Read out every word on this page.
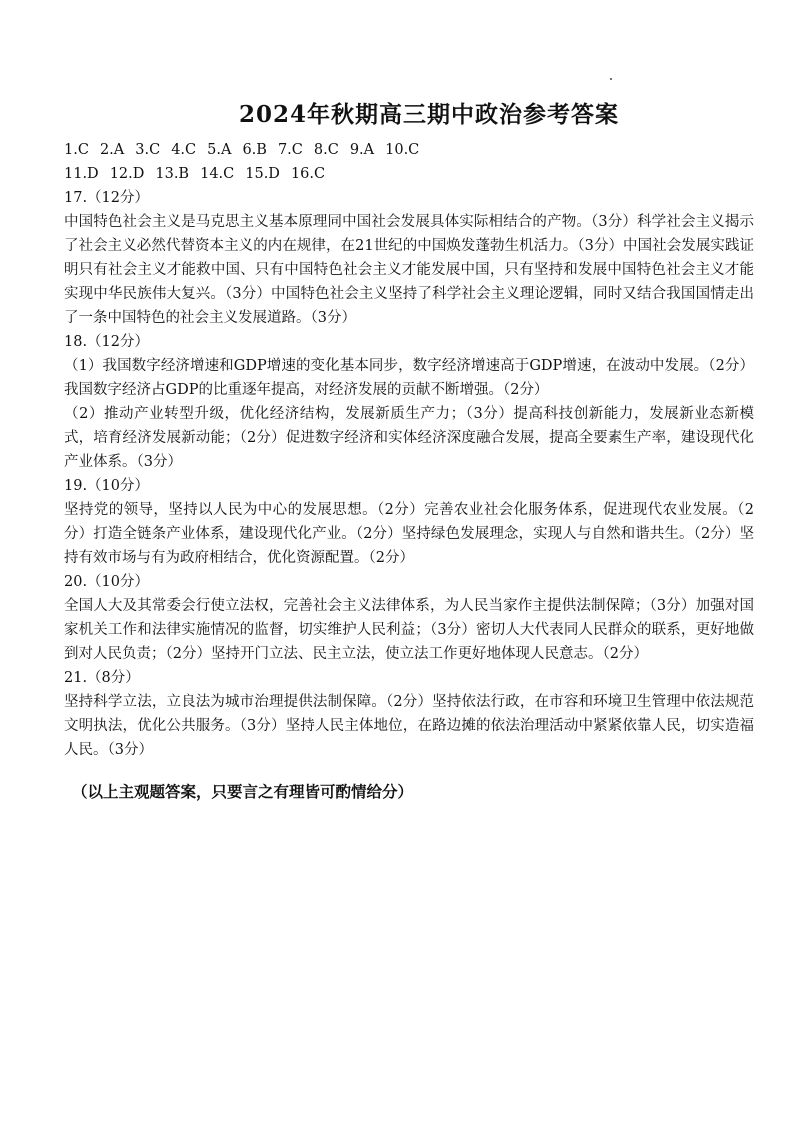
2024年秋期高三期中政治参考答案
1.C 2.A 3.C 4.C 5.A 6.B 7.C 8.C 9.A 10.C
11.D 12.D 13.B 14.C 15.D 16.C
17.（12分）

中国特色社会主义是马克思主义基本原理同中国社会发展具体实际相结合的产物。（3分）科学社会主义揭示了社会主义必然代替资本主义的内在规律，在21世纪的中国焕发蓬勃生机活力。（3分）中国社会发展实践证明只有社会主义才能救中国、只有中国特色社会主义才能发展中国，只有坚持和发展中国特色社会主义才能实现中华民族伟大复兴。（3分）中国特色社会主义坚持了科学社会主义理论逻辑，同时又结合我国国情走出了一条中国特色的社会主义发展道路。（3分）

18.（12分）

（1）我国数字经济增速和GDP增速的变化基本同步，数字经济增速高于GDP增速，在波动中发展。（2分）我国数字经济占GDP的比重逐年提高，对经济发展的贡献不断增强。（2分）

（2）推动产业转型升级，优化经济结构，发展新质生产力；（3分）提高科技创新能力，发展新业态新模式，培育经济发展新动能；（2分）促进数字经济和实体经济深度融合发展，提高全要素生产率，建设现代化产业体系。（3分）

19.（10分）

坚持党的领导，坚持以人民为中心的发展思想。（2分）完善农业社会化服务体系，促进现代农业发展。（2分）打造全链条产业体系，建设现代化产业。（2分）坚持绿色发展理念，实现人与自然和谐共生。（2分）坚持有效市场与有为政府相结合，优化资源配置。（2分）

20.（10分）

全国人大及其常委会行使立法权，完善社会主义法律体系，为人民当家作主提供法制保障；（3分）加强对国家机关工作和法律实施情况的监督，切实维护人民利益；（3分）密切人大代表同人民群众的联系，更好地做到对人民负责；（2分）坚持开门立法、民主立法，使立法工作更好地体现人民意志。（2分）

21.（8分）

坚持科学立法，立良法为城市治理提供法制保障。（2分）坚持依法行政，在市容和环境卫生管理中依法规范文明执法，优化公共服务。（3分）坚持人民主体地位，在路边摊的依法治理活动中紧紧依靠人民，切实造福人民。（3分）

（以上主观题答案，只要言之有理皆可酌情给分）
